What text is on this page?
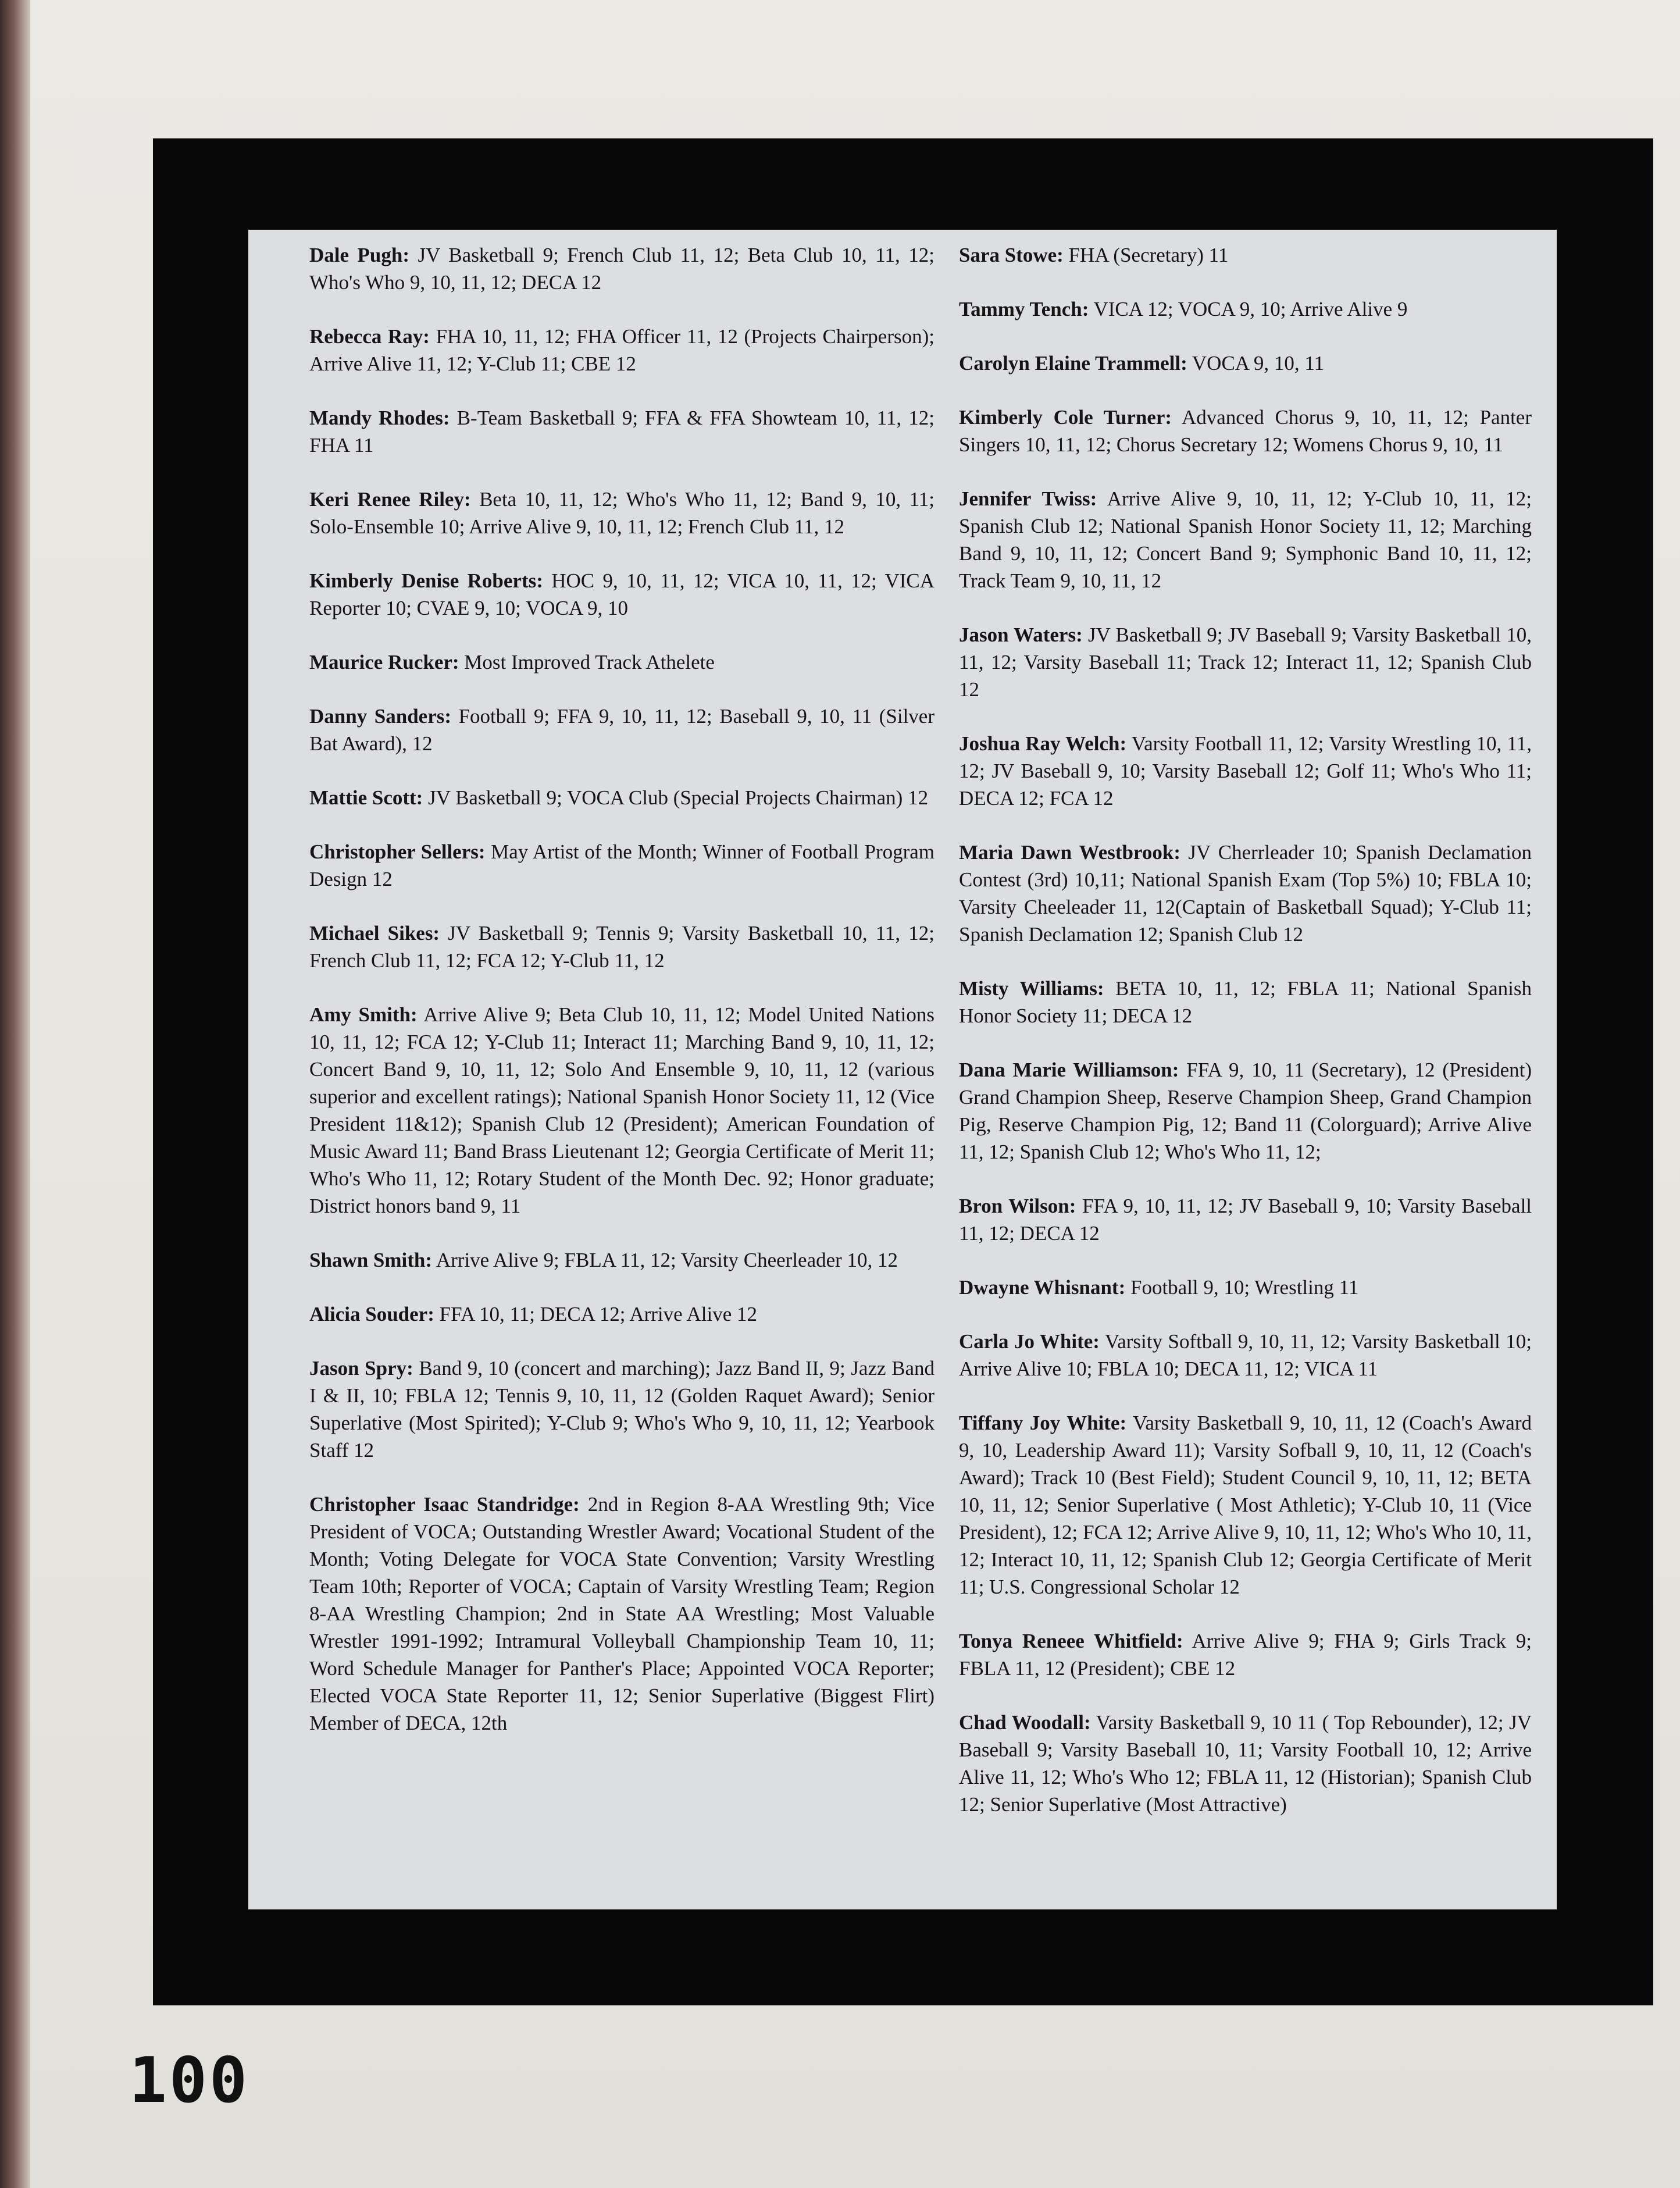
Dale Pugh: JV Basketball 9; French Club 11, 12; Beta Club 10, 11, 12; Who's Who 9, 10, 11, 12; DECA 12

Rebecca Ray: FHA 10, 11, 12; FHA Officer 11, 12 (Projects Chairperson); Arrive Alive 11, 12; Y-Club 11; CBE 12

Mandy Rhodes: B-Team Basketball 9; FFA & FFA Showteam 10, 11, 12; FHA 11

Keri Renee Riley: Beta 10, 11, 12; Who's Who 11, 12; Band 9, 10, 11; Solo-Ensemble 10; Arrive Alive 9, 10, 11, 12; French Club 11, 12

Kimberly Denise Roberts: HOC 9, 10, 11, 12; VICA 10, 11, 12; VICA Reporter 10; CVAE 9, 10; VOCA 9, 10

Maurice Rucker: Most Improved Track Athelete

Danny Sanders: Football 9; FFA 9, 10, 11, 12; Baseball 9, 10, 11 (Silver Bat Award), 12

Mattie Scott: JV Basketball 9; VOCA Club (Special Projects Chairman) 12

Christopher Sellers: May Artist of the Month; Winner of Football Program Design 12

Michael Sikes: JV Basketball 9; Tennis 9; Varsity Basketball 10, 11, 12; French Club 11, 12; FCA 12; Y-Club 11, 12

Amy Smith: Arrive Alive 9; Beta Club 10, 11, 12; Model United Nations 10, 11, 12; FCA 12; Y-Club 11; Interact 11; Marching Band 9, 10, 11, 12; Concert Band 9, 10, 11, 12; Solo And Ensemble 9, 10, 11, 12 (various superior and excellent ratings); National Spanish Honor Society 11, 12 (Vice President 11&12); Spanish Club 12 (President); American Foundation of Music Award 11; Band Brass Lieutenant 12; Georgia Certificate of Merit 11; Who's Who 11, 12; Rotary Student of the Month Dec. 92; Honor graduate; District honors band 9, 11

Shawn Smith: Arrive Alive 9; FBLA 11, 12; Varsity Cheerleader 10, 12

Alicia Souder: FFA 10, 11; DECA 12; Arrive Alive 12

Jason Spry: Band 9, 10 (concert and marching); Jazz Band II, 9; Jazz Band I & II, 10; FBLA 12; Tennis 9, 10, 11, 12 (Golden Raquet Award); Senior Superlative (Most Spirited); Y-Club 9; Who's Who 9, 10, 11, 12; Yearbook Staff 12

Christopher Isaac Standridge: 2nd in Region 8-AA Wrestling 9th; Vice President of VOCA; Outstanding Wrestler Award; Vocational Student of the Month; Voting Delegate for VOCA State Convention; Varsity Wrestling Team 10th; Reporter of VOCA; Captain of Varsity Wrestling Team; Region 8-AA Wrestling Champion; 2nd in State AA Wrestling; Most Valuable Wrestler 1991-1992; Intramural Volleyball Championship Team 10, 11; Word Schedule Manager for Panther's Place; Appointed VOCA Reporter; Elected VOCA State Reporter 11, 12; Senior Superlative (Biggest Flirt) Member of DECA, 12th

Sara Stowe: FHA (Secretary) 11

Tammy Tench: VICA 12; VOCA 9, 10; Arrive Alive 9

Carolyn Elaine Trammell: VOCA 9, 10, 11

Kimberly Cole Turner: Advanced Chorus 9, 10, 11, 12; Panter Singers 10, 11, 12; Chorus Secretary 12; Womens Chorus 9, 10, 11

Jennifer Twiss: Arrive Alive 9, 10, 11, 12; Y-Club 10, 11, 12; Spanish Club 12; National Spanish Honor Society 11, 12; Marching Band 9, 10, 11, 12; Concert Band 9; Symphonic Band 10, 11, 12; Track Team 9, 10, 11, 12

Jason Waters: JV Basketball 9; JV Baseball 9; Varsity Basketball 10, 11, 12; Varsity Baseball 11; Track 12; Interact 11, 12; Spanish Club 12

Joshua Ray Welch: Varsity Football 11, 12; Varsity Wrestling 10, 11, 12; JV Baseball 9, 10; Varsity Baseball 12; Golf 11; Who's Who 11; DECA 12; FCA 12

Maria Dawn Westbrook: JV Cherrleader 10; Spanish Declamation Contest (3rd) 10,11; National Spanish Exam (Top 5%) 10; FBLA 10; Varsity Cheeleader 11, 12(Captain of Basketball Squad); Y-Club 11; Spanish Declamation 12; Spanish Club 12

Misty Williams: BETA 10, 11, 12; FBLA 11; National Spanish Honor Society 11; DECA 12

Dana Marie Williamson: FFA 9, 10, 11 (Secretary), 12 (President) Grand Champion Sheep, Reserve Champion Sheep, Grand Champion Pig, Reserve Champion Pig, 12; Band 11 (Colorguard); Arrive Alive 11, 12; Spanish Club 12; Who's Who 11, 12;

Bron Wilson: FFA 9, 10, 11, 12; JV Baseball 9, 10; Varsity Baseball 11, 12; DECA 12

Dwayne Whisnant: Football 9, 10; Wrestling 11

Carla Jo White: Varsity Softball 9, 10, 11, 12; Varsity Basketball 10; Arrive Alive 10; FBLA 10; DECA 11, 12; VICA 11

Tiffany Joy White: Varsity Basketball 9, 10, 11, 12 (Coach's Award 9, 10, Leadership Award 11); Varsity Sofball 9, 10, 11, 12 (Coach's Award); Track 10 (Best Field); Student Council 9, 10, 11, 12; BETA 10, 11, 12; Senior Superlative ( Most Athletic); Y-Club 10, 11 (Vice President), 12; FCA 12; Arrive Alive 9, 10, 11, 12; Who's Who 10, 11, 12; Interact 10, 11, 12; Spanish Club 12; Georgia Certificate of Merit 11; U.S. Congressional Scholar 12

Tonya Reneee Whitfield: Arrive Alive 9; FHA 9; Girls Track 9; FBLA 11, 12 (President); CBE 12

Chad Woodall: Varsity Basketball 9, 10 11 ( Top Rebounder), 12; JV Baseball 9; Varsity Baseball 10, 11; Varsity Football 10, 12; Arrive Alive 11, 12; Who's Who 12; FBLA 11, 12 (Historian); Spanish Club 12; Senior Superlative (Most Attractive)

100
